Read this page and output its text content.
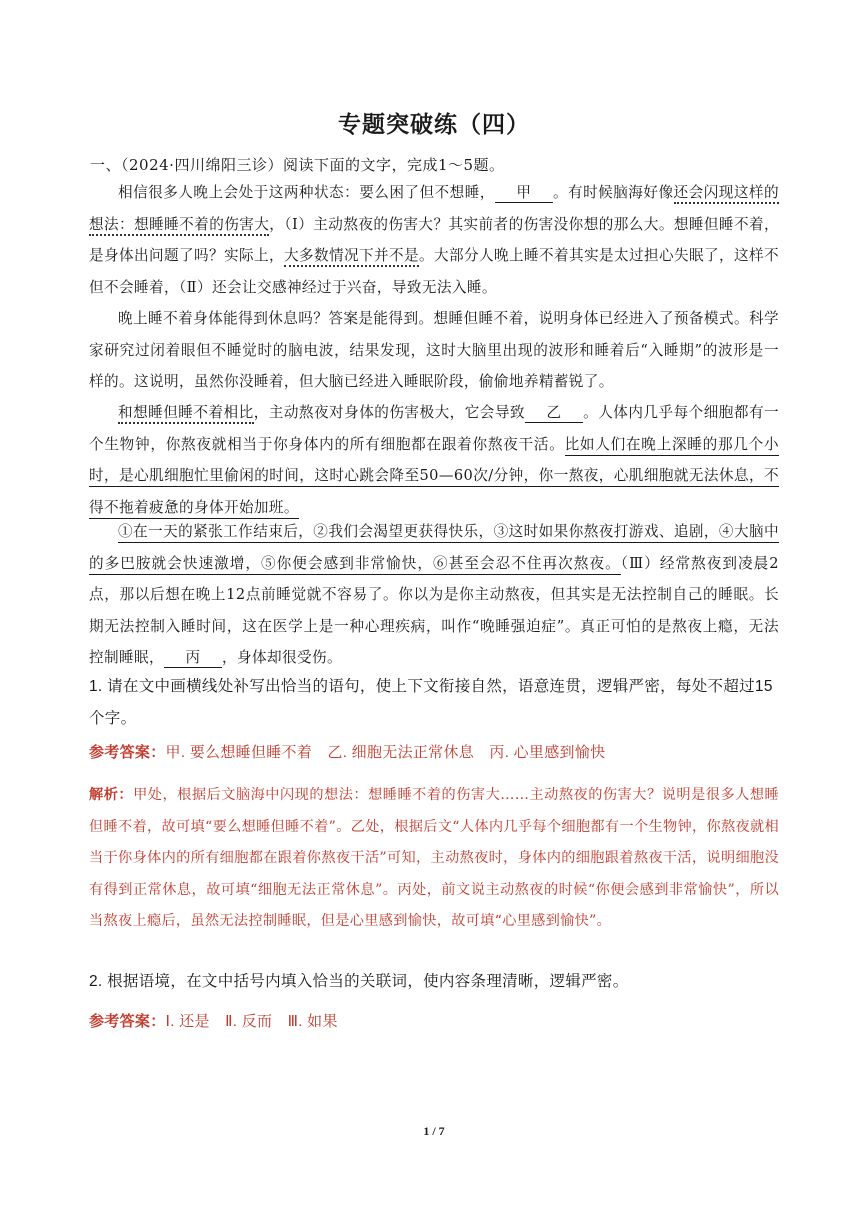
专题突破练（四）
一、（2024·四川绵阳三诊）阅读下面的文字，完成1～5题。
相信很多人晚上会处于这两种状态：要么困了但不想睡， 甲 。有时候脑海好像还会闪现这样的想法：想睡睡不着的伤害大，（Ⅰ）主动熬夜的伤害大？其实前者的伤害没你想的那么大。想睡但睡不着，是身体出问题了吗？实际上，大多数情况下并不是。大部分人晚上睡不着其实是太过担心失眠了，这样不但不会睡着，（Ⅱ）还会让交感神经过于兴奋，导致无法入睡。
晚上睡不着身体能得到休息吗？答案是能得到。想睡但睡不着，说明身体已经进入了预备模式。科学家研究过闭着眼但不睡觉时的脑电波，结果发现，这时大脑里出现的波形和睡着后“入睡期”的波形是一样的。这说明，虽然你没睡着，但大脑已经进入睡眠阶段，偷偷地养精蓄锐了。
和想睡但睡不着相比，主动熬夜对身体的伤害极大，它会导致 乙 。人体内几乎每个细胞都有一个生物钟，你熬夜就相当于你身体内的所有细胞都在跟着你熬夜干活。比如人们在晚上深睡的那几个小时，是心肌细胞忙里偷闲的时间，这时心跳会降至50—60次/分钟，你一熬夜，心肌细胞就无法休息，不得不拖着疲惫的身体开始加班。
①在一天的紧张工作结束后，②我们会渴望更获得快乐，③这时如果你熬夜打游戏、追剧，④大脑中的多巴胺就会快速激增，⑤你便会感到非常愉快，⑥甚至会忍不住再次熬夜。（Ⅲ）经常熬夜到凌晨2点，那以后想在晚上12点前睡觉就不容易了。你以为是你主动熬夜，但其实是无法控制自己的睡眠。长期无法控制入睡时间，这在医学上是一种心理疾病，叫作“晚睡强迫症”。真正可怕的是熬夜上瘾，无法控制睡眠， 丙 ，身体却很受伤。
1. 请在文中画横线处补写出恰当的语句，使上下文衔接自然，语意连贯，逻辑严密，每处不超过15个字。
参考答案：甲. 要么想睡但睡不着　乙. 细胞无法正常休息　丙. 心里感到愉快
解析：甲处，根据后文脑海中闪现的想法：想睡睡不着的伤害大……主动熬夜的伤害大？说明是很多人想睡但睡不着，故可填“要么想睡但睡不着”。乙处，根据后文“人体内几乎每个细胞都有一个生物钟，你熬夜就相当于你身体内的所有细胞都在跟着你熬夜干活”可知，主动熬夜时，身体内的细胞跟着熬夜干活，说明细胞没有得到正常休息，故可填“细胞无法正常休息”。丙处，前文说主动熬夜的时候“你便会感到非常愉快”，所以当熬夜上瘾后，虽然无法控制睡眠，但是心里感到愉快，故可填“心里感到愉快”。
2. 根据语境，在文中括号内填入恰当的关联词，使内容条理清晰，逻辑严密。
参考答案：Ⅰ. 还是　Ⅱ. 反而　Ⅲ. 如果
1 / 7
